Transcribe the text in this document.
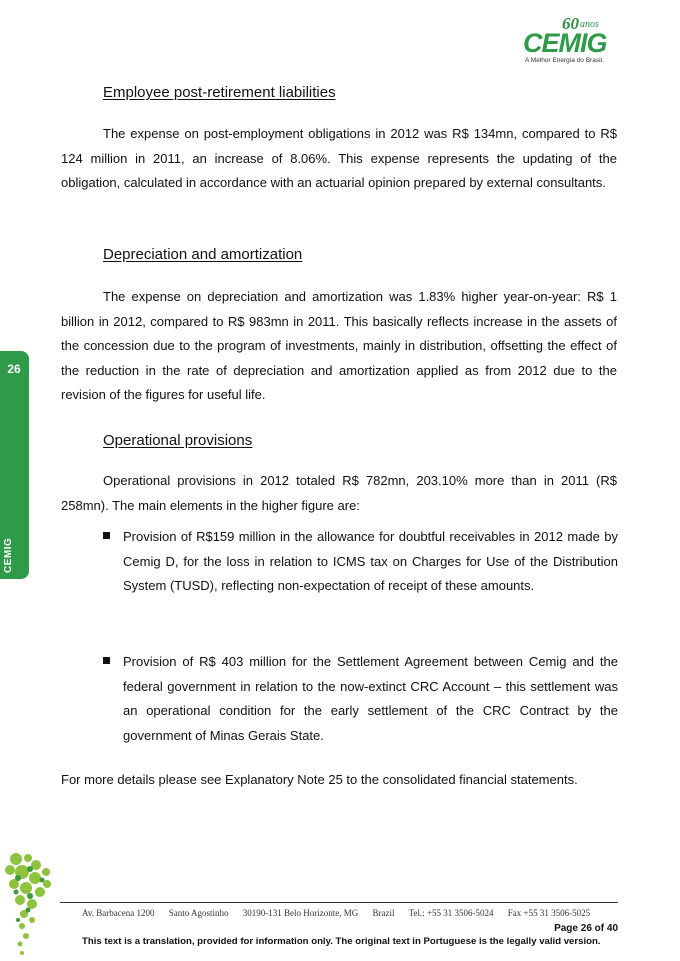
60 anos
CEMIG
A Melhor Energia do Brasil.
26
CEMIG
Employee post-retirement liabilities

The expense on post-employment obligations in 2012 was R$ 134mn, compared to R$ 124 million in 2011, an increase of 8.06%. This expense represents the updating of the obligation, calculated in accordance with an actuarial opinion prepared by external consultants.

Depreciation and amortization

The expense on depreciation and amortization was 1.83% higher year-on-year: R$ 1 billion in 2012, compared to R$ 983mn in 2011. This basically reflects increase in the assets of the concession due to the program of investments, mainly in distribution, offsetting the effect of the reduction in the rate of depreciation and amortization applied as from 2012 due to the revision of the figures for useful life.

Operational provisions

Operational provisions in 2012 totaled R$ 782mn, 203.10% more than in 2011 (R$ 258mn). The main elements in the higher figure are:

Provision of R$159 million in the allowance for doubtful receivables in 2012 made by Cemig D, for the loss in relation to ICMS tax on Charges for Use of the Distribution System (TUSD), reflecting non-expectation of receipt of these amounts.

Provision of R$ 403 million for the Settlement Agreement between Cemig and the federal government in relation to the now-extinct CRC Account – this settlement was an operational condition for the early settlement of the CRC Contract by the government of Minas Gerais State.

For more details please see Explanatory Note 25 to the consolidated financial statements.

Av. Barbacena 1200 Santo Agostinho 30190-131 Belo Horizonte, MG Brazil Tel.: +55 31 3506-5024 Fax +55 31 3506-5025
Page 26 of 40
This text is a translation, provided for information only. The original text in Portuguese is the legally valid version.
